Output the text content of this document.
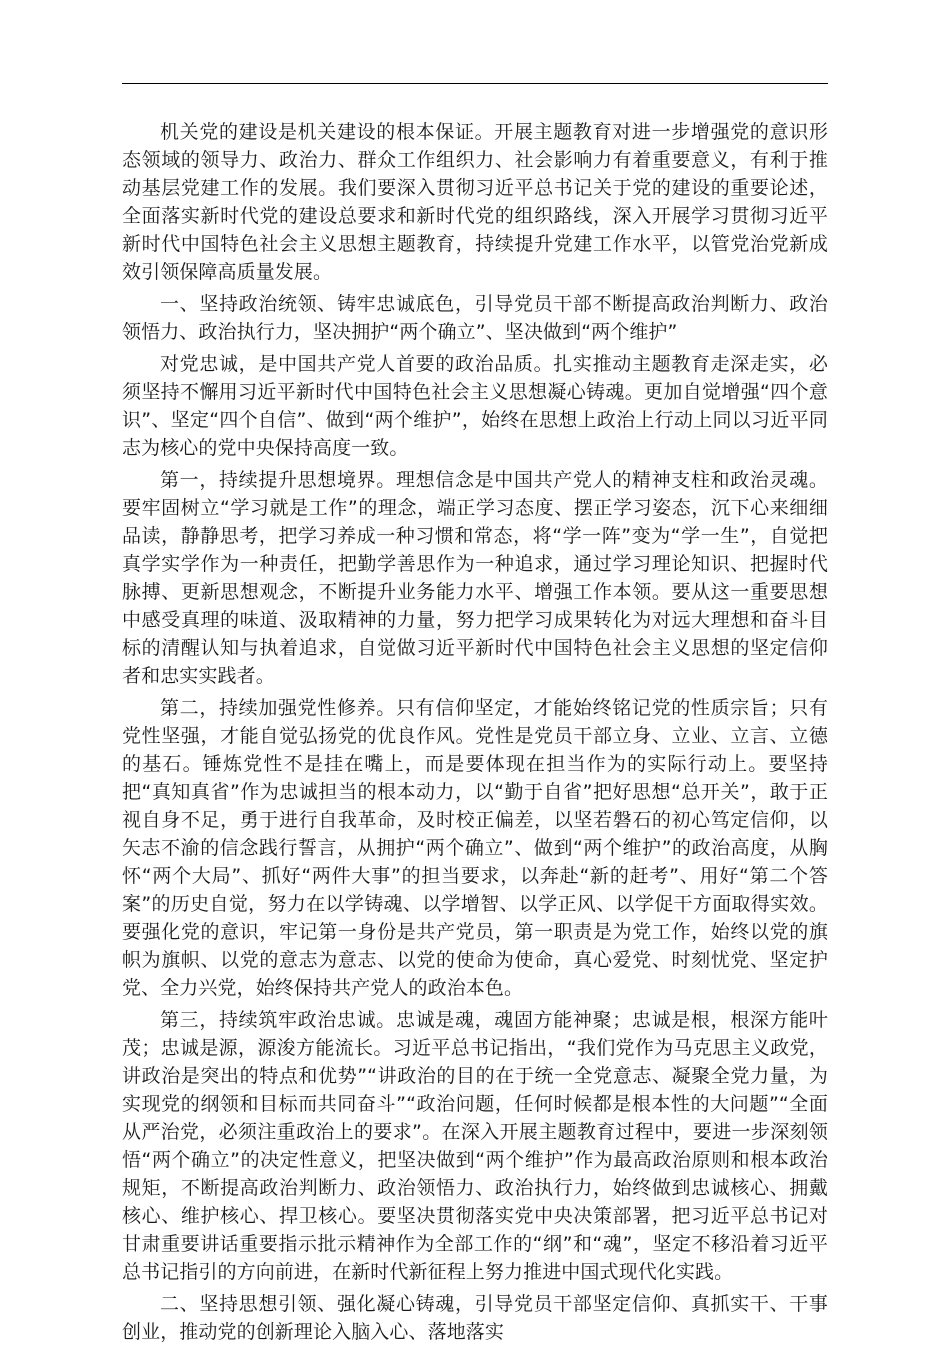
机关党的建设是机关建设的根本保证。开展主题教育对进一步增强党的意识形态领域的领导力、政治力、群众工作组织力、社会影响力有着重要意义，有利于推动基层党建工作的发展。我们要深入贯彻习近平总书记关于党的建设的重要论述，全面落实新时代党的建设总要求和新时代党的组织路线，深入开展学习贯彻习近平新时代中国特色社会主义思想主题教育，持续提升党建工作水平，以管党治党新成效引领保障高质量发展。

一、坚持政治统领、铸牢忠诚底色，引导党员干部不断提高政治判断力、政治领悟力、政治执行力，坚决拥护“两个确立”、坚决做到“两个维护”

对党忠诚，是中国共产党人首要的政治品质。扎实推动主题教育走深走实，必须坚持不懈用习近平新时代中国特色社会主义思想凝心铸魂。更加自觉增强“四个意识”、坚定“四个自信”、做到“两个维护”，始终在思想上政治上行动上同以习近平同志为核心的党中央保持高度一致。

第一，持续提升思想境界。理想信念是中国共产党人的精神支柱和政治灵魂。要牢固树立“学习就是工作”的理念，端正学习态度、摆正学习姿态，沉下心来细细品读，静静思考，把学习养成一种习惯和常态，将“学一阵”变为“学一生”，自觉把真学实学作为一种责任，把勤学善思作为一种追求，通过学习理论知识、把握时代脉搏、更新思想观念，不断提升业务能力水平、增强工作本领。要从这一重要思想中感受真理的味道、汲取精神的力量，努力把学习成果转化为对远大理想和奋斗目标的清醒认知与执着追求，自觉做习近平新时代中国特色社会主义思想的坚定信仰者和忠实实践者。

第二，持续加强党性修养。只有信仰坚定，才能始终铭记党的性质宗旨；只有党性坚强，才能自觉弘扬党的优良作风。党性是党员干部立身、立业、立言、立德的基石。锤炼党性不是挂在嘴上，而是要体现在担当作为的实际行动上。要坚持把“真知真省”作为忠诚担当的根本动力，以“勤于自省”把好思想“总开关”，敢于正视自身不足，勇于进行自我革命，及时校正偏差，以坚若磐石的初心笃定信仰，以矢志不渝的信念践行誓言，从拥护“两个确立”、做到“两个维护”的政治高度，从胸怀“两个大局”、抓好“两件大事”的担当要求，以奔赴“新的赶考”、用好“第二个答案”的历史自觉，努力在以学铸魂、以学增智、以学正风、以学促干方面取得实效。要强化党的意识，牢记第一身份是共产党员，第一职责是为党工作，始终以党的旗帜为旗帜、以党的意志为意志、以党的使命为使命，真心爱党、时刻忧党、坚定护党、全力兴党，始终保持共产党人的政治本色。

第三，持续筑牢政治忠诚。忠诚是魂，魂固方能神聚；忠诚是根，根深方能叶茂；忠诚是源，源浚方能流长。习近平总书记指出，“我们党作为马克思主义政党，讲政治是突出的特点和优势”“讲政治的目的在于统一全党意志、凝聚全党力量，为实现党的纲领和目标而共同奋斗”“政治问题，任何时候都是根本性的大问题”“全面从严治党，必须注重政治上的要求”。在深入开展主题教育过程中，要进一步深刻领悟“两个确立”的决定性意义，把坚决做到“两个维护”作为最高政治原则和根本政治规矩，不断提高政治判断力、政治领悟力、政治执行力，始终做到忠诚核心、拥戴核心、维护核心、捍卫核心。要坚决贯彻落实党中央决策部署，把习近平总书记对甘肃重要讲话重要指示批示精神作为全部工作的“纲”和“魂”，坚定不移沿着习近平总书记指引的方向前进，在新时代新征程上努力推进中国式现代化实践。

二、坚持思想引领、强化凝心铸魂，引导党员干部坚定信仰、真抓实干、干事创业，推动党的创新理论入脑入心、落地落实
